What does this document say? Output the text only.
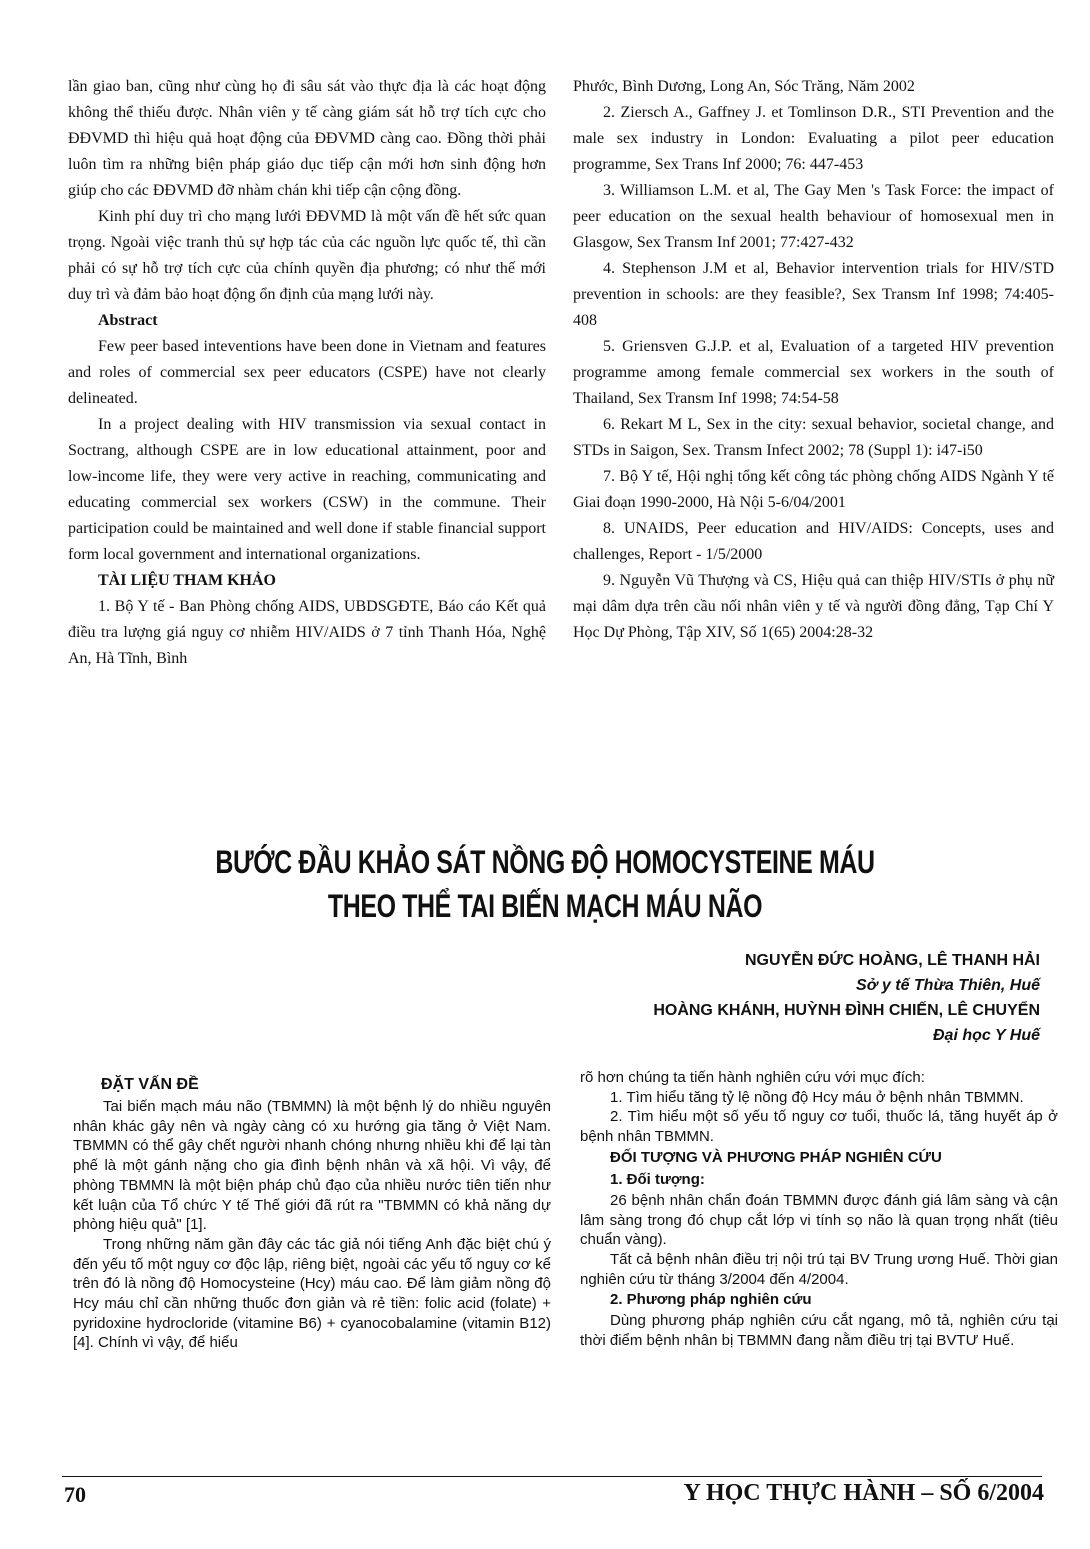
lần giao ban, cũng như cùng họ đi sâu sát vào thực địa là các hoạt động không thể thiếu được. Nhân viên y tế càng giám sát hỗ trợ tích cực cho ĐĐVMD thì hiệu quả hoạt động của ĐĐVMD càng cao. Đồng thời phải luôn tìm ra những biện pháp giáo dục tiếp cận mới hơn sinh động hơn giúp cho các ĐĐVMD đỡ nhàm chán khi tiếp cận cộng đồng.

Kinh phí duy trì cho mạng lưới ĐĐVMD là một vấn đề hết sức quan trọng. Ngoài việc tranh thủ sự hợp tác của các nguồn lực quốc tế, thì cần phải có sự hỗ trợ tích cực của chính quyền địa phương; có như thế mới duy trì và đảm bảo hoạt động ổn định của mạng lưới này.

Abstract

Few peer based inteventions have been done in Vietnam and features and roles of commercial sex peer educators (CSPE) have not clearly delineated.

In a project dealing with HIV transmission via sexual contact in Soctrang, although CSPE are in low educational attainment, poor and low-income life, they were very active in reaching, communicating and educating commercial sex workers (CSW) in the commune. Their participation could be maintained and well done if stable financial support form local government and international organizations.

TÀI LIỆU THAM KHẢO

1. Bộ Y tế - Ban Phòng chống AIDS, UBDSGĐTE, Báo cáo Kết quả điều tra lượng giá nguy cơ nhiễm HIV/AIDS ở 7 tỉnh Thanh Hóa, Nghệ An, Hà Tĩnh, Bình

Phước, Bình Dương, Long An, Sóc Trăng, Năm 2002

2. Ziersch A., Gaffney J. et Tomlinson D.R., STI Prevention and the male sex industry in London: Evaluating a pilot peer education programme, Sex Trans Inf 2000; 76: 447-453

3. Williamson L.M. et al, The Gay Men 's Task Force: the impact of peer education on the sexual health behaviour of homosexual men in Glasgow, Sex Transm Inf 2001; 77:427-432

4. Stephenson J.M et al, Behavior intervention trials for HIV/STD prevention in schools: are they feasible?, Sex Transm Inf 1998; 74:405-408

5. Griensven G.J.P. et al, Evaluation of a targeted HIV prevention programme among female commercial sex workers in the south of Thailand, Sex Transm Inf 1998; 74:54-58

6. Rekart M L, Sex in the city: sexual behavior, societal change, and STDs in Saigon, Sex. Transm Infect 2002; 78 (Suppl 1): i47-i50

7. Bộ Y tế, Hội nghị tổng kết công tác phòng chống AIDS Ngành Y tế Giai đoạn 1990-2000, Hà Nội 5-6/04/2001

8. UNAIDS, Peer education and HIV/AIDS: Concepts, uses and challenges, Report - 1/5/2000

9. Nguyễn Vũ Thượng và CS, Hiệu quả can thiệp HIV/STIs ở phụ nữ mại dâm dựa trên cầu nối nhân viên y tế và người đồng đẳng, Tạp Chí Y Học Dự Phòng, Tập XIV, Số 1(65) 2004:28-32

BƯỚC ĐẦU KHẢO SÁT NỒNG ĐỘ HOMOCYSTEINE MÁU
THEO THỂ TAI BIẾN MẠCH MÁU NÃO
NGUYỄN ĐỨC HOÀNG, LÊ THANH HẢI
Sở y tế Thừa Thiên, Huế
HOÀNG KHÁNH, HUỲNH ĐÌNH CHIẾN, LÊ CHUYỂN
Đại học Y Huế

ĐẶT VẤN ĐỀ

Tai biến mạch máu não (TBMMN) là một bệnh lý do nhiều nguyên nhân khác gây nên và ngày càng có xu hướng gia tăng ở Việt Nam. TBMMN có thể gây chết người nhanh chóng nhưng nhiều khi để lại tàn phế là một gánh nặng cho gia đình bệnh nhân và xã hội. Vì vậy, để phòng TBMMN là một biện pháp chủ đạo của nhiều nước tiên tiến như kết luận của Tổ chức Y tế Thế giới đã rút ra "TBMMN có khả năng dự phòng hiệu quả" [1].

Trong những năm gần đây các tác giả nói tiếng Anh đặc biệt chú ý đến yếu tố một nguy cơ độc lập, riêng biệt, ngoài các yếu tố nguy cơ kể trên đó là nồng độ Homocysteine (Hcy) máu cao. Để làm giảm nồng độ Hcy máu chỉ cần những thuốc đơn giản và rẻ tiền: folic acid (folate) + pyridoxine hydrocloride (vitamine B6) + cyanocobalamine (vitamin B12) [4]. Chính vì vậy, để hiểu

rõ hơn chúng ta tiến hành nghiên cứu với mục đích:

1. Tìm hiểu tăng tỷ lệ nồng độ Hcy máu ở bệnh nhân TBMMN.

2. Tìm hiểu một số yếu tố nguy cơ tuổi, thuốc lá, tăng huyết áp ở bệnh nhân TBMMN.

ĐỐI TƯỢNG VÀ PHƯƠNG PHÁP NGHIÊN CỨU

1. Đối tượng:

26 bệnh nhân chẩn đoán TBMMN được đánh giá lâm sàng và cận lâm sàng trong đó chụp cắt lớp vi tính sọ não là quan trọng nhất (tiêu chuẩn vàng).

Tất cả bệnh nhân điều trị nội trú tại BV Trung ương Huế. Thời gian nghiên cứu từ tháng 3/2004 đến 4/2004.

2. Phương pháp nghiên cứu

Dùng phương pháp nghiên cứu cắt ngang, mô tả, nghiên cứu tại thời điểm bệnh nhân bị TBMMN đang nằm điều trị tại BVTƯ Huế.

70	Y HỌC THỰC HÀNH – SỐ 6/2004
